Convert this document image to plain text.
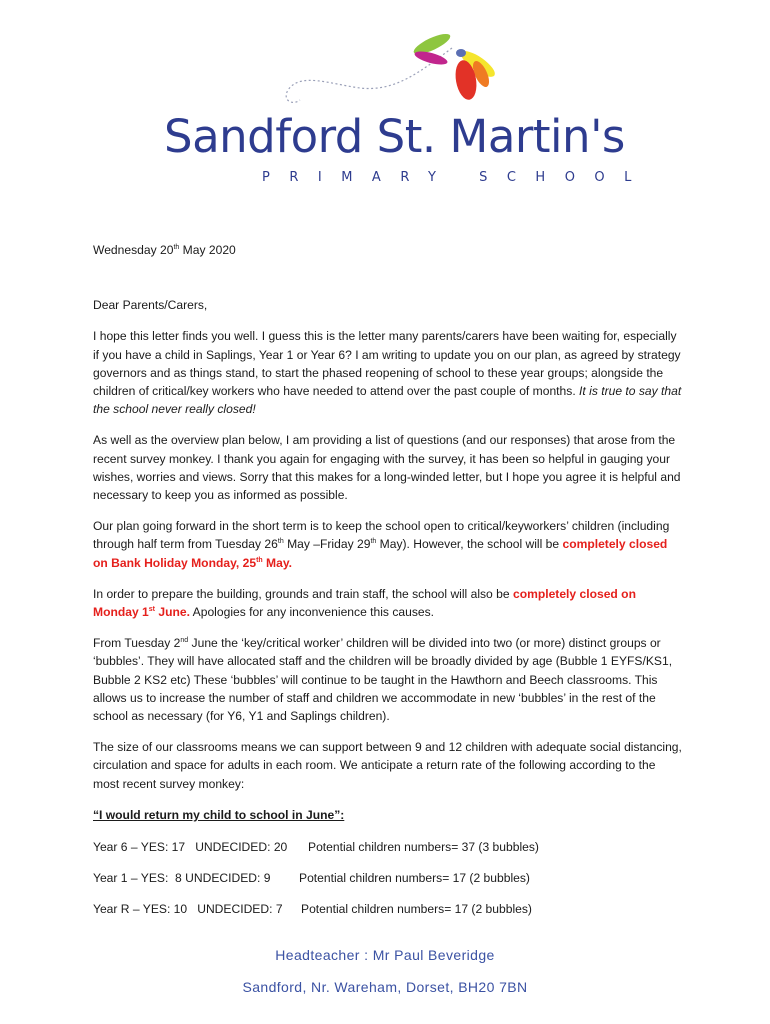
Sandford St. Martin's
PRIMARY SCHOOL

Wednesday 20th May 2020

Dear Parents/Carers,

I hope this letter finds you well. I guess this is the letter many parents/carers have been waiting for, especially if you have a child in Saplings, Year 1 or Year 6? I am writing to update you on our plan, as agreed by strategy governors and as things stand, to start the phased reopening of school to these year groups; alongside the children of critical/key workers who have needed to attend over the past couple of months. It is true to say that the school never really closed!

As well as the overview plan below, I am providing a list of questions (and our responses) that arose from the recent survey monkey. I thank you again for engaging with the survey, it has been so helpful in gauging your wishes, worries and views. Sorry that this makes for a long-winded letter, but I hope you agree it is helpful and necessary to keep you as informed as possible.

Our plan going forward in the short term is to keep the school open to critical/keyworkers’ children (including through half term from Tuesday 26th May –Friday 29th May). However, the school will be completely closed on Bank Holiday Monday, 25th May.

In order to prepare the building, grounds and train staff, the school will also be completely closed on Monday 1st June. Apologies for any inconvenience this causes.

From Tuesday 2nd June the ‘key/critical worker’ children will be divided into two (or more) distinct groups or ‘bubbles’. They will have allocated staff and the children will be broadly divided by age (Bubble 1 EYFS/KS1, Bubble 2 KS2 etc) These ‘bubbles’ will continue to be taught in the Hawthorn and Beech classrooms. This allows us to increase the number of staff and children we accommodate in new ‘bubbles’ in the rest of the school as necessary (for Y6, Y1 and Saplings children).

The size of our classrooms means we can support between 9 and 12 children with adequate social distancing, circulation and space for adults in each room. We anticipate a return rate of the following according to the most recent survey monkey:

“I would return my child to school in June”:

Year 6 – YES: 17   UNDECIDED: 20	Potential children numbers= 37 (3 bubbles)
Year 1 – YES:  8 UNDECIDED: 9	Potential children numbers= 17 (2 bubbles)
Year R – YES: 10   UNDECIDED: 7	Potential children numbers= 17 (2 bubbles)
Headteacher : Mr Paul Beveridge
Sandford, Nr. Wareham, Dorset, BH20 7BN
